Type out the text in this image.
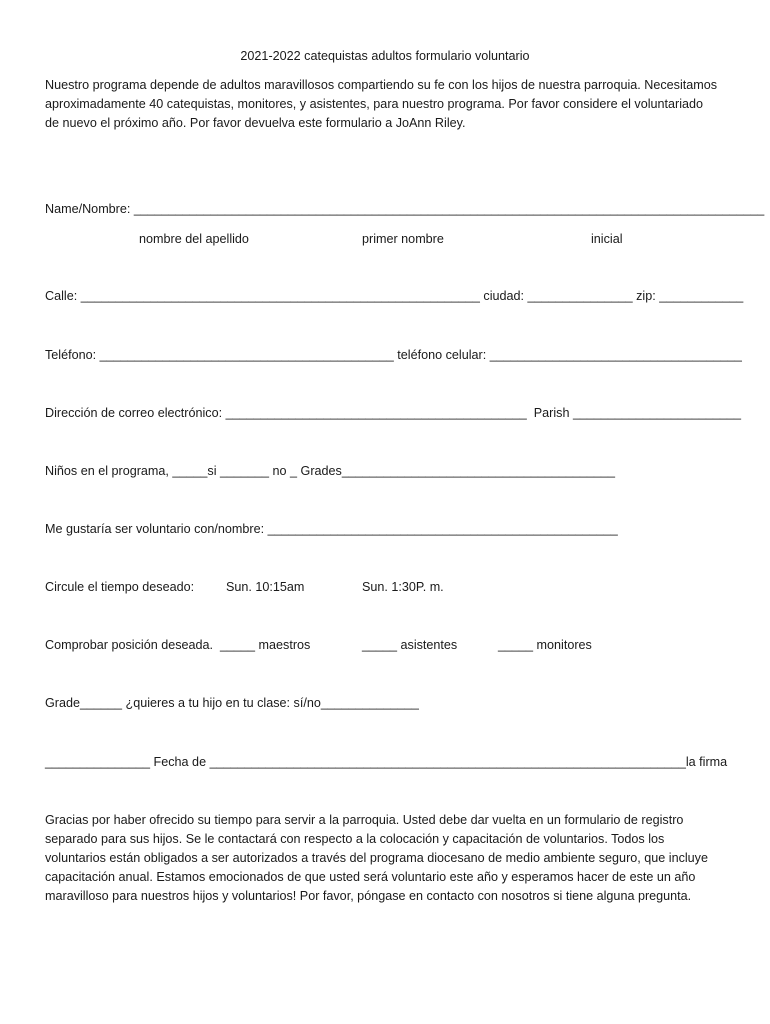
2021-2022 catequistas adultos formulario voluntario

Nuestro programa depende de adultos maravillosos compartiendo su fe con los hijos de nuestra parroquia. Necesitamos

aproximadamente 40 catequistas, monitores, y asistentes, para nuestro programa. Por favor considere el voluntariado

de nuevo el próximo año. Por favor devuelva este formulario a JoAnn Riley.

Name/Nombre: __________________________________________________________________________________________
nombre del apellido	primer nombre	inicial
Calle: _________________________________________________________ ciudad: _______________ zip: ____________
Teléfono: __________________________________________ teléfono celular: ____________________________________
Dirección de correo electrónico: ___________________________________________  Parish ________________________
Niños en el programa, _____si _______ no _ Grades_______________________________________
Me gustaría ser voluntario con/nombre: __________________________________________________
Circule el tiempo deseado:	Sun. 10:15am	Sun. 1:30P. m.
Comprobar posición deseada.  _____ maestros	_____ asistentes	_____ monitores
Grade______ ¿quieres a tu hijo en tu clase: sí/no______________
_______________ Fecha de ____________________________________________________________________la firma

Gracias por haber ofrecido su tiempo para servir a la parroquia. Usted debe dar vuelta en un formulario de registro

separado para sus hijos. Se le contactará con respecto a la colocación y capacitación de voluntarios. Todos los

voluntarios están obligados a ser autorizados a través del programa diocesano de medio ambiente seguro, que incluye

capacitación anual. Estamos emocionados de que usted será voluntario este año y esperamos hacer de este un año

maravilloso para nuestros hijos y voluntarios! Por favor, póngase en contacto con nosotros si tiene alguna pregunta.
